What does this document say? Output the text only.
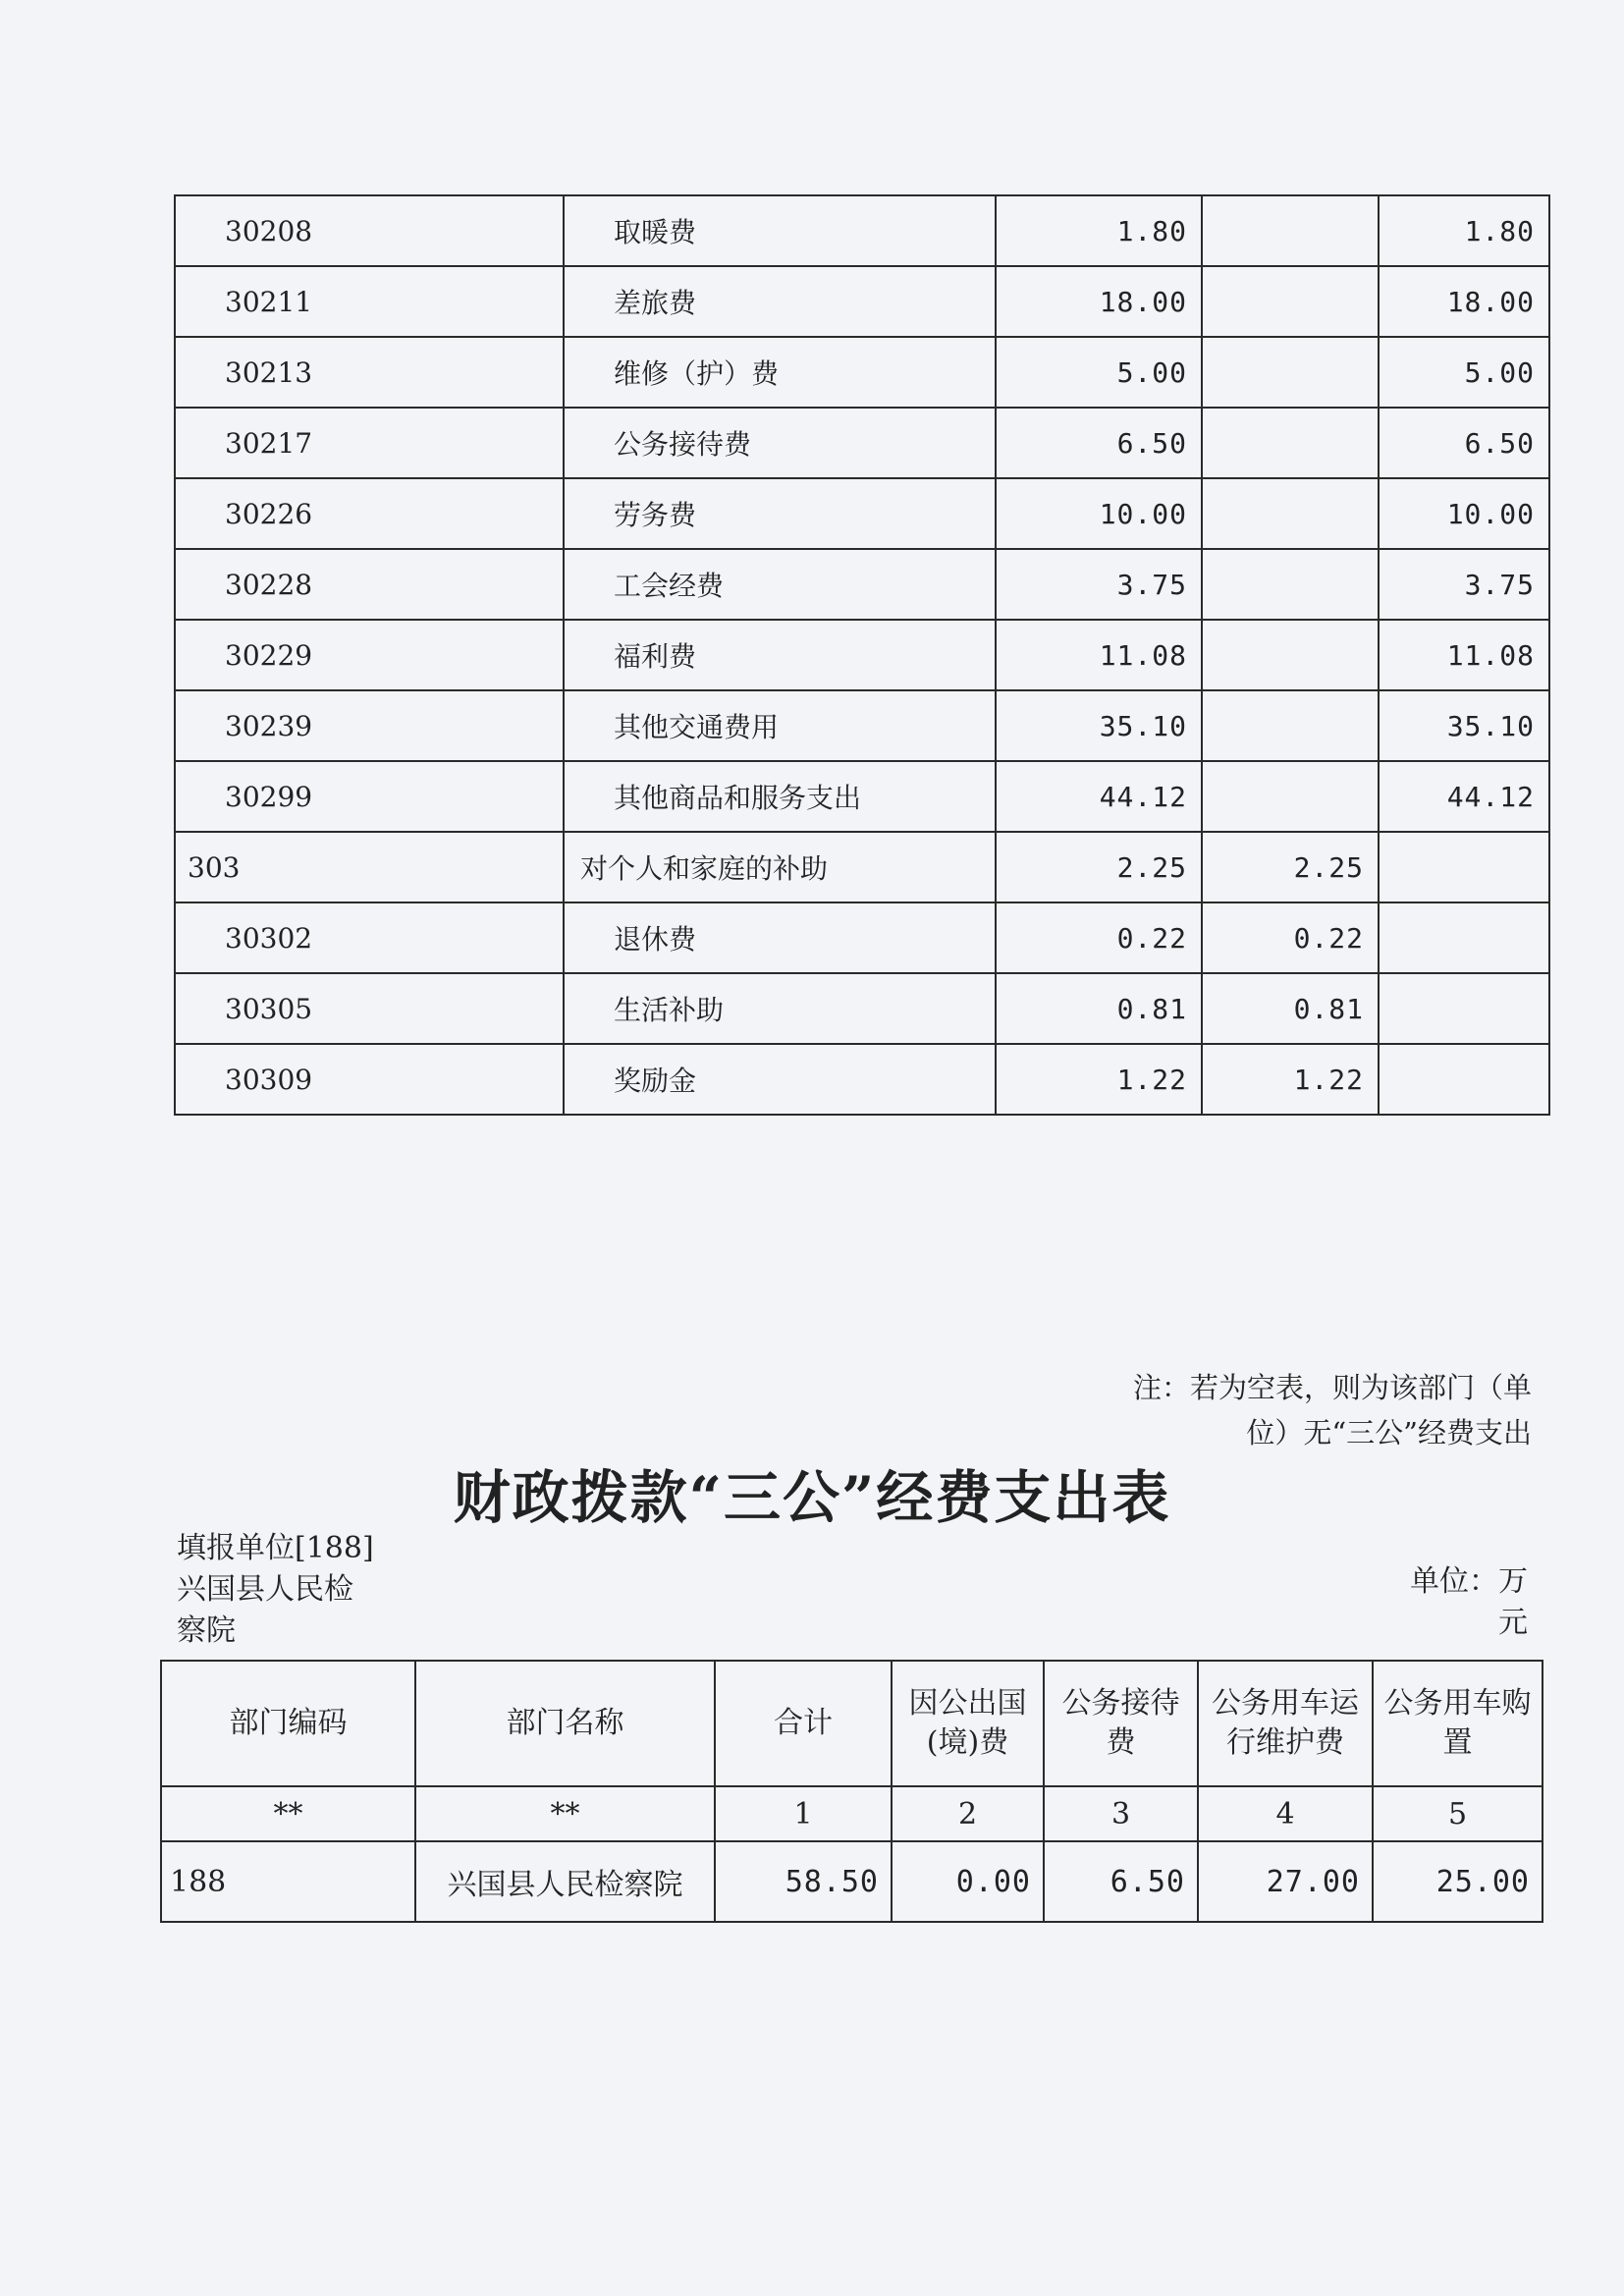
30208	取暖费	1.80		1.80
30211	差旅费	18.00		18.00
30213	维修（护）费	5.00		5.00
30217	公务接待费	6.50		6.50
30226	劳务费	10.00		10.00
30228	工会经费	3.75		3.75
30229	福利费	11.08		11.08
30239	其他交通费用	35.10		35.10
30299	其他商品和服务支出	44.12		44.12
303	对个人和家庭的补助	2.25	2.25	
30302	退休费	0.22	0.22	
30305	生活补助	0.81	0.81	
30309	奖励金	1.22	1.22	
注：若为空表，则为该部门（单
位）无“三公”经费支出
财政拨款“三公”经费支出表
填报单位[188]
兴国县人民检
察院
单位：万
元
部门编码	部门名称	合计	因公出国(境)费	公务接待费	公务用车运行维护费	公务用车购置
**	**	1	2	3	4	5
188	兴国县人民检察院	58.50	0.00	6.50	27.00	25.00
